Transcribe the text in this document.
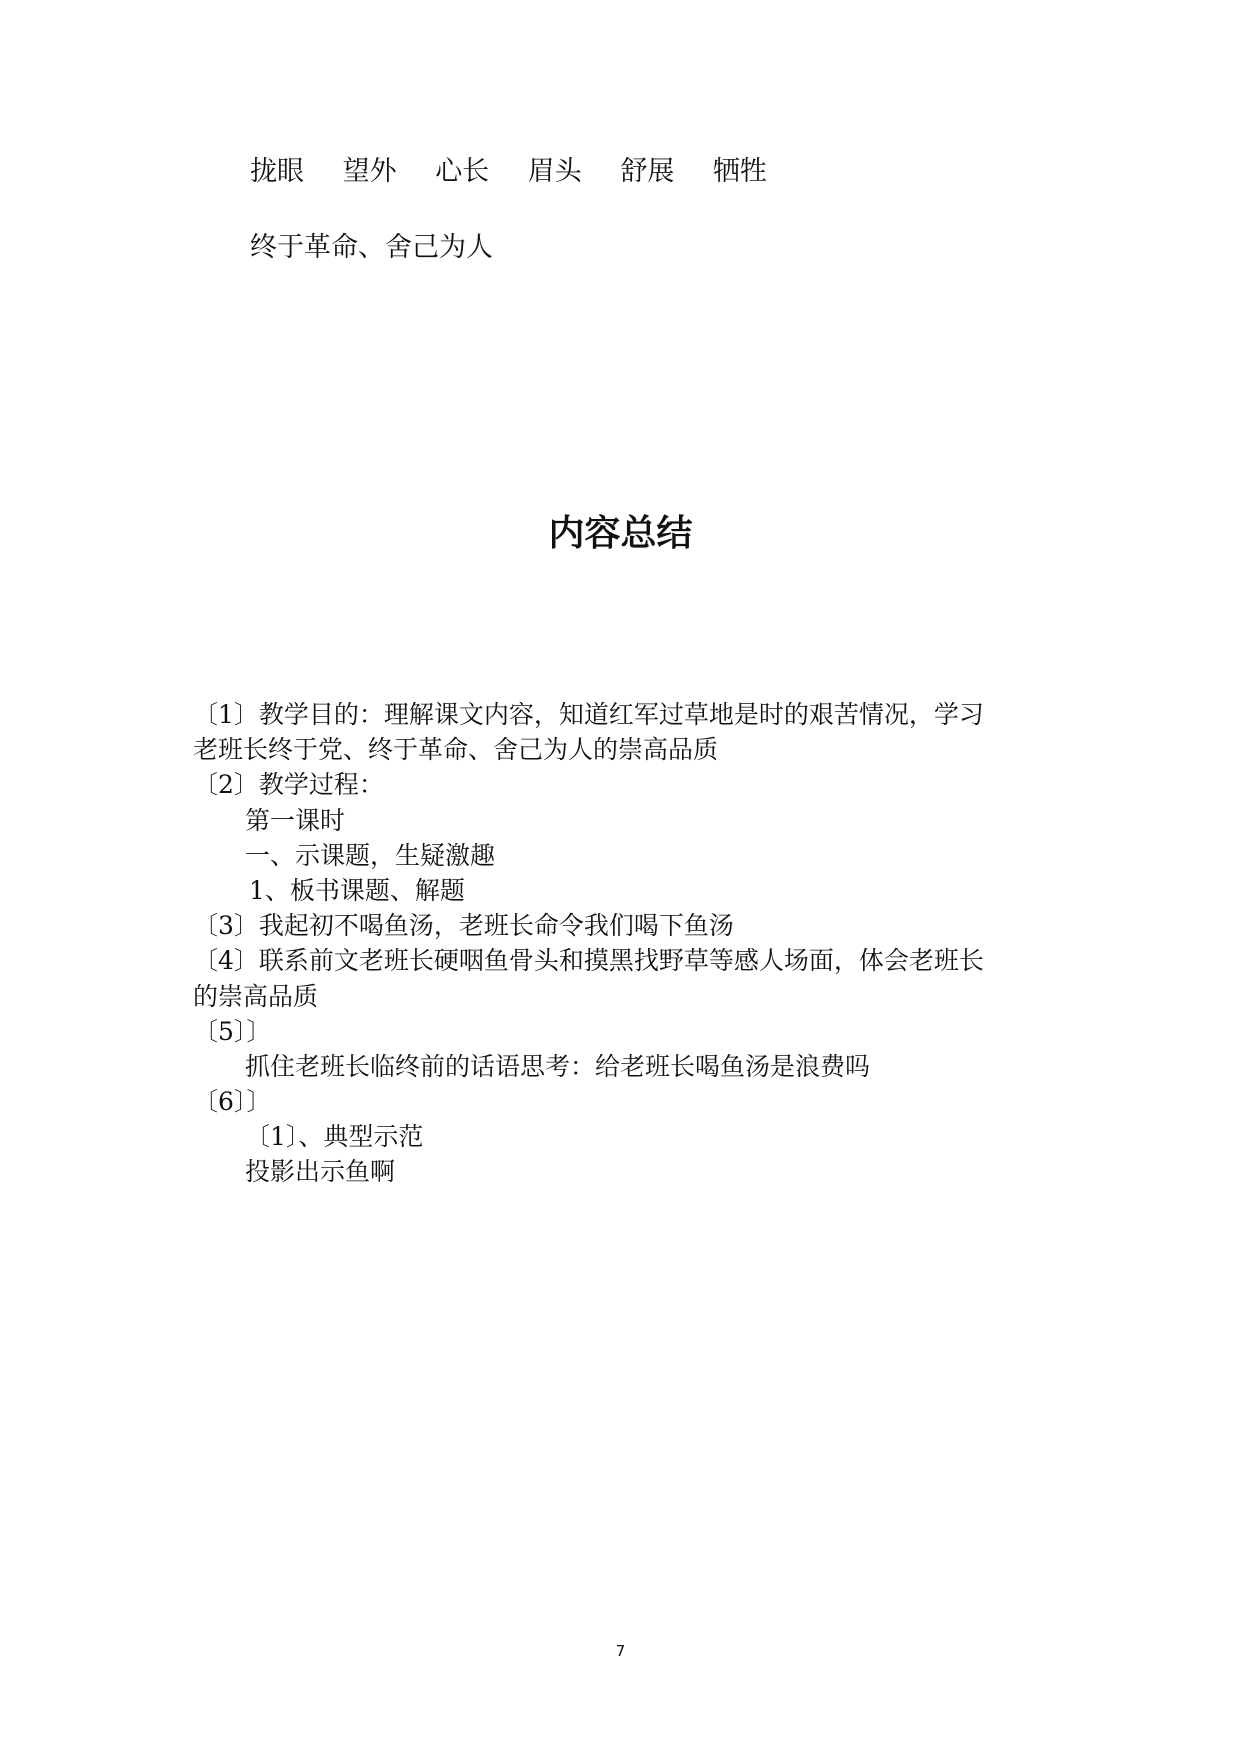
拢眼 望外 心长 眉头 舒展 牺牲
终于革命、舍己为人
内容总结
〔1〕教学目的：理解课文内容，知道红军过草地是时的艰苦情况，学习
老班长终于党、终于革命、舍己为人的崇高品质
〔2〕教学过程：
第一课时
一、示课题，生疑激趣
1、板书课题、解题
〔3〕我起初不喝鱼汤，老班长命令我们喝下鱼汤
〔4〕联系前文老班长硬咽鱼骨头和摸黑找野草等感人场面，体会老班长
的崇高品质
〔5〕〕
抓住老班长临终前的话语思考：给老班长喝鱼汤是浪费吗
〔6〕〕
〔1〕、典型示范
投影出示鱼啊
7
